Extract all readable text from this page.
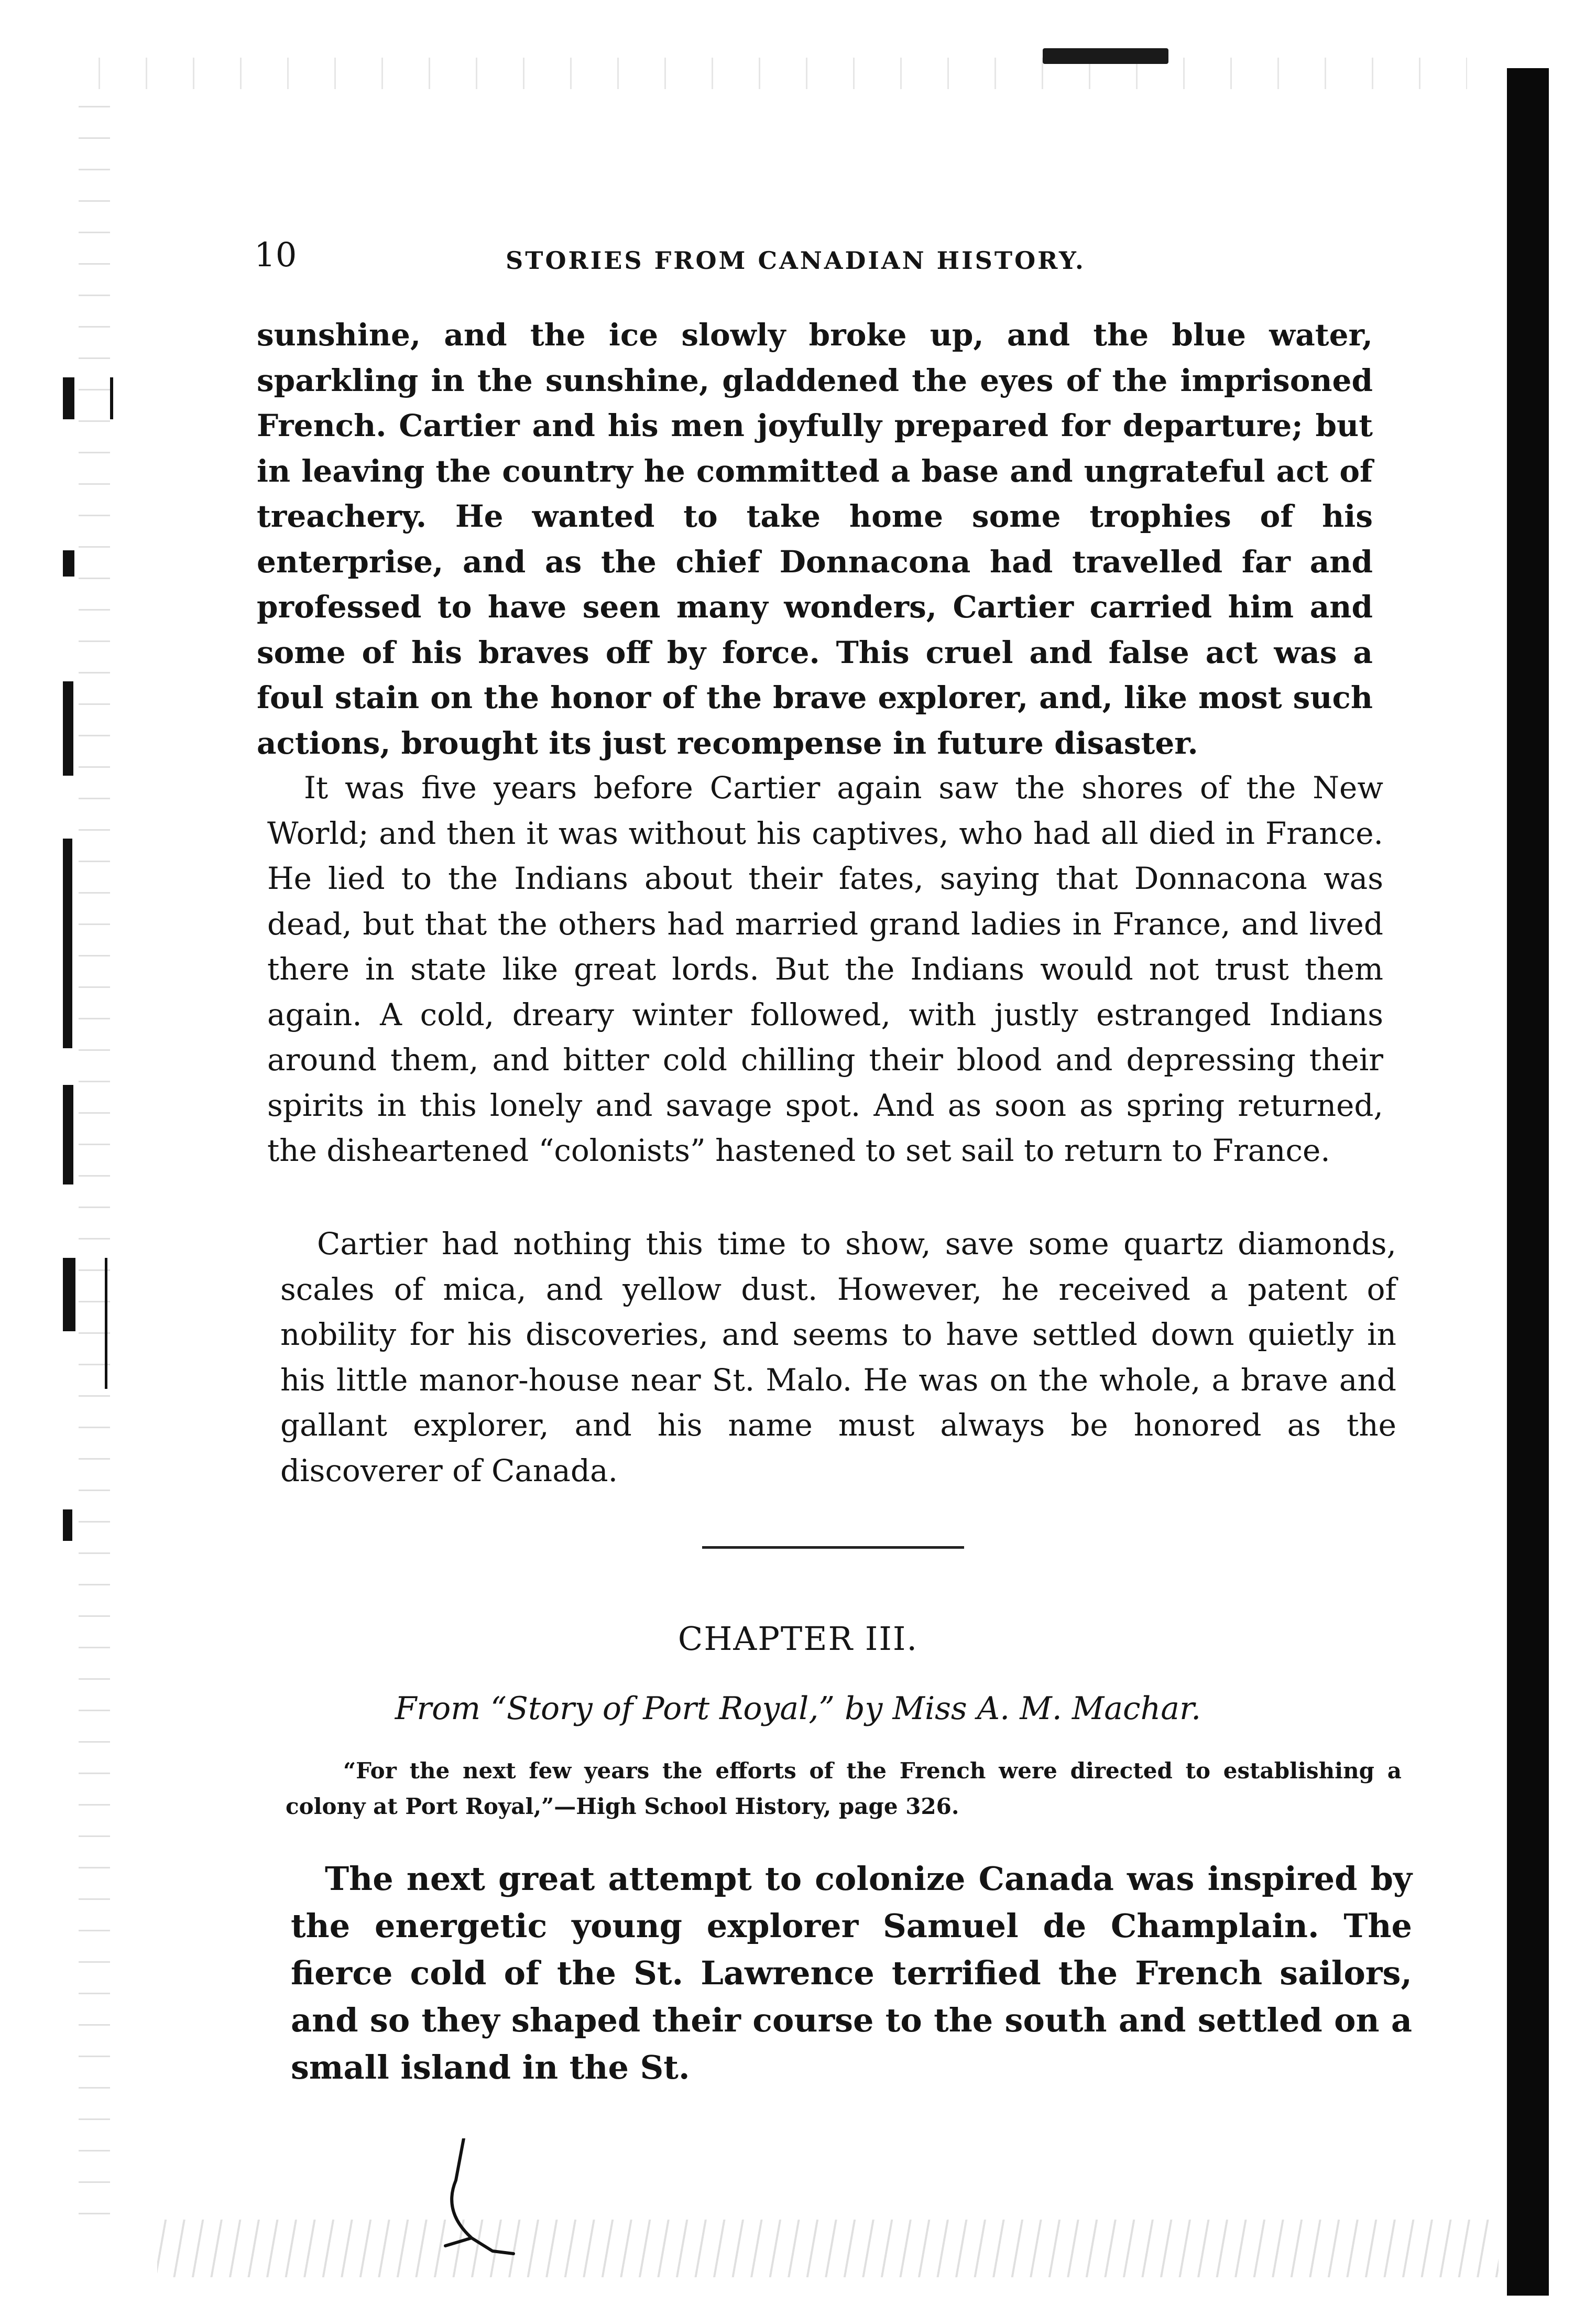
10	STORIES FROM CANADIAN HISTORY.

sunshine, and the ice slowly broke up, and the blue water, sparkling in the sunshine, gladdened the eyes of the imprisoned French. Cartier and his men joyfully prepared for departure; but in leaving the country he committed a base and ungrateful act of treachery. He wanted to take home some trophies of his enterprise, and as the chief Donnacona had travelled far and professed to have seen many wonders, Cartier carried him and some of his braves off by force. This cruel and false act was a foul stain on the honor of the brave explorer, and, like most such actions, brought its just recompense in future disaster.

It was five years before Cartier again saw the shores of the New World; and then it was without his captives, who had all died in France. He lied to the Indians about their fates, saying that Donnacona was dead, but that the others had married grand ladies in France, and lived there in state like great lords. But the Indians would not trust them again. A cold, dreary winter followed, with justly estranged Indians around them, and bitter cold chilling their blood and depressing their spirits in this lonely and savage spot. And as soon as spring returned, the disheartened “colonists” hastened to set sail to return to France.

Cartier had nothing this time to show, save some quartz diamonds, scales of mica, and yellow dust. However, he received a patent of nobility for his discoveries, and seems to have settled down quietly in his little manor-house near St. Malo. He was on the whole, a brave and gallant explorer, and his name must always be honored as the discoverer of Canada.

CHAPTER III.
From “Story of Port Royal,” by Miss A. M. Machar.

“For the next few years the efforts of the French were directed to establishing a colony at Port Royal,”—High School History, page 326.

The next great attempt to colonize Canada was inspired by the energetic young explorer Samuel de Champlain. The fierce cold of the St. Lawrence terrified the French sailors, and so they shaped their course to the south and settled on a small island in the St.
